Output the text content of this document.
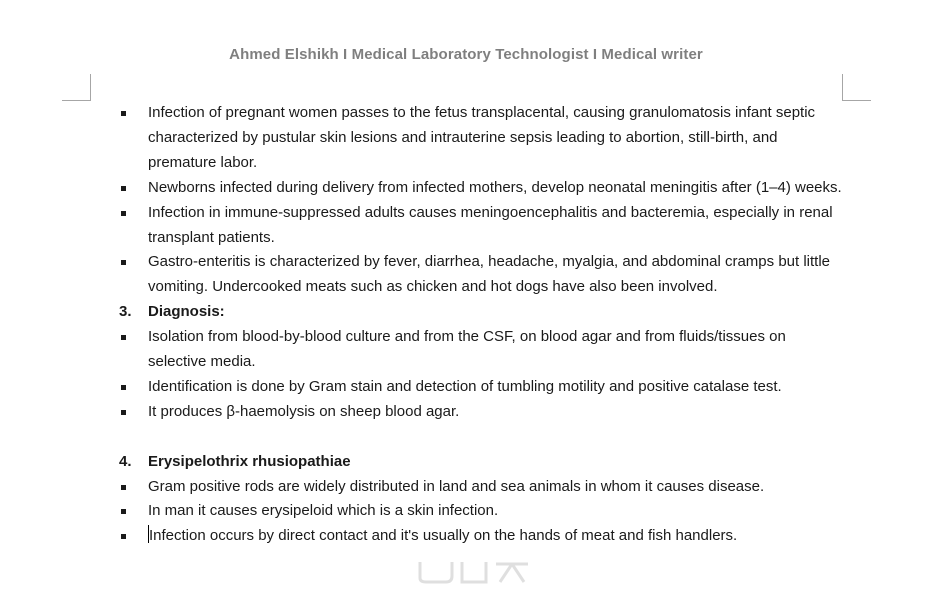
Ahmed Elshikh I Medical Laboratory Technologist I Medical writer
Infection of pregnant women passes to the fetus transplacental, causing granulomatosis infant septic characterized by pustular skin lesions and intrauterine sepsis leading to abortion, still-birth, and premature labor.
Newborns infected during delivery from infected mothers, develop neonatal meningitis after (1–4) weeks.
Infection in immune-suppressed adults causes meningoencephalitis and bacteremia, especially in renal transplant patients.
Gastro-enteritis is characterized by fever, diarrhea, headache, myalgia, and abdominal cramps but little vomiting. Undercooked meats such as chicken and hot dogs have also been involved.
3.	Diagnosis:
Isolation from blood-by-blood culture and from the CSF, on blood agar and from fluids/tissues on selective media.
Identification is done by Gram stain and detection of tumbling motility and positive catalase test.
It produces β-haemolysis on sheep blood agar.
4.	Erysipelothrix rhusiopathiae
Gram positive rods are widely distributed in land and sea animals in whom it causes disease.
In man it causes erysipeloid which is a skin infection.
Infection occurs by direct contact and it's usually on the hands of meat and fish handlers.
